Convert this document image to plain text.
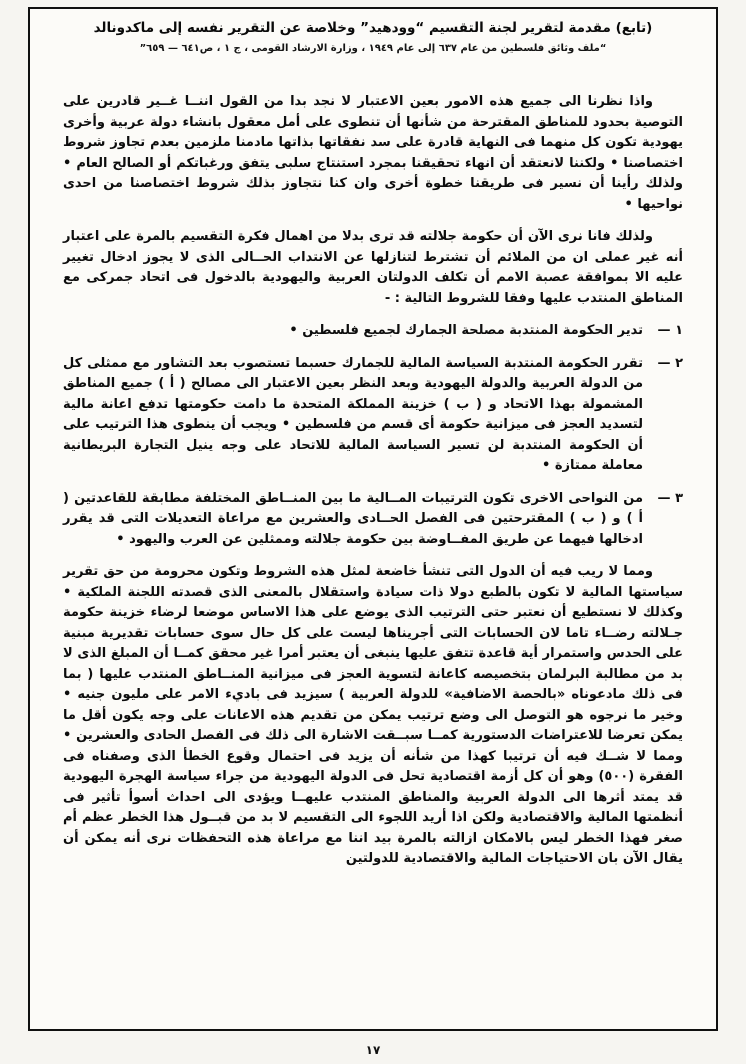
(تابع) مقدمة لتقرير لجنة التقسيم “وودهيد” وخلاصة عن التقرير نفسه إلى ماكدونالد
“ملف وثائق فلسطين من عام ٦٣٧ إلى عام ١٩٤٩ ، وزارة الارشاد القومى ، ج ١ ، ص٦٤١ — ٦٥٩”

واذا نظرنا الى جميع هذه الامور بعين الاعتبار لا نجد بدا من القول اننــا غــير قادرين على التوصية بحدود للمناطق المقترحة من شأنها أن تنطوى على أمل معقول بانشاء دولة عربية وأخرى يهودية تكون كل منهما فى النهاية قادرة على سد نفقاتها بذاتها مادمنا ملزمين بعدم تجاوز شروط اختصاصنا • ولكننا لانعتقد أن انهاء تحقيقنا بمجرد استنتاج سلبى يتفق ورغباتكم أو الصالح العام • ولذلك رأينا أن نسير فى طريقنا خطوة أخرى وان كنا نتجاوز بذلك شروط اختصاصنا من احدى نواحيها •

ولذلك فانا نرى الآن أن حكومة جلالته قد ترى بدلا من اهمال فكرة التقسيم بالمرة على اعتبار أنه غير عملى ان من الملائم أن تشترط لتنازلها عن الانتداب الحــالى الذى لا يجوز ادخال تغيير عليه الا بموافقة عصبة الامم أن تكلف الدولتان العربية واليهودية بالدخول فى اتحاد جمركى مع المناطق المنتدب عليها وفقا للشروط التالية : -

١ —
تدير الحكومة المنتدبة مصلحة الجمارك لجميع فلسطين •
٢ —
تقرر الحكومة المنتدبة السياسة المالية للجمارك حسبما تستصوب بعد التشاور مع ممثلى كل من الدولة العربية والدولة اليهودية وبعد النظر بعين الاعتبار الى مصالح ( أ ) جميع المناطق المشمولة بهذا الاتحاد و ( ب ) خزينة المملكة المتحدة ما دامت حكومتها تدفع اعانة مالية لتسديد العجز فى ميزانية حكومة أى قسم من فلسطين • ويجب أن ينطوى هذا الترتيب على أن الحكومة المنتدبة لن تسير السياسة المالية للاتحاد على وجه ينيل التجارة البريطانية معاملة ممتازة •
٣ —
من النواحى الاخرى تكون الترتيبات المــالية ما بين المنــاطق المختلفة مطابقة للقاعدتين ( أ ) و ( ب ) المقترحتين فى الفصل الحــادى والعشرين مع مراعاة التعديلات التى قد يقرر ادخالها فيهما عن طريق المفــاوضة بين حكومة جلالته وممثلين عن العرب واليهود •

ومما لا ريب فيه أن الدول التى تنشأ خاضعة لمثل هذه الشروط وتكون محرومة من حق تقرير سياستها المالية لا تكون بالطبع دولا ذات سيادة واستقلال بالمعنى الذى قصدته اللجنة الملكية • وكذلك لا نستطيع أن نعتبر حتى الترتيب الذى يوضع على هذا الاساس موضعا لرضاء خزينة حكومة جـلالته رضــاء تاما لان الحسابات التى أجريناها ليست على كل حال سوى حسابات تقديرية مبنية على الحدس واستمرار أية قاعدة تتفق عليها ينبغى أن يعتبر أمرا غير محقق كمــا أن المبلغ الذى لا بد من مطالبة البرلمان بتخصيصه كاعانة لتسوية العجز فى ميزانية المنــاطق المنتدب عليها ( بما فى ذلك مادعوناه «بالحصة الاضافية» للدولة العربية ) سيزيد فى باديء الامر على مليون جنيه • وخير ما نرجوه هو التوصل الى وضع ترتيب يمكن من تقديم هذه الاعانات على وجه يكون أقل ما يمكن تعرضا للاعتراضات الدستورية كمــا سبــقت الاشارة الى ذلك فى الفصل الحادى والعشرين • ومما لا شــك فيه أن ترتيبا كهذا من شأنه أن يزيد فى احتمال وقوع الخطأ الذى وصفناه فى الفقرة (٥٠٠) وهو أن كل أزمة اقتصادية تحل فى الدولة اليهودية من جراء سياسة الهجرة اليهودية قد يمتد أثرها الى الدولة العربية والمناطق المنتدب عليهــا ويؤدى الى احداث أسوأ تأثير فى أنظمتها المالية والاقتصادية ولكن اذا أريد اللجوء الى التقسيم لا بد من قبــول هذا الخطر عظم أم صغر فهذا الخطر ليس بالامكان ازالته بالمرة بيد اننا مع مراعاة هذه التحفظات نرى أنه يمكن أن يقال الآن بان الاحتياجات المالية والاقتصادية للدولتين

١٧
